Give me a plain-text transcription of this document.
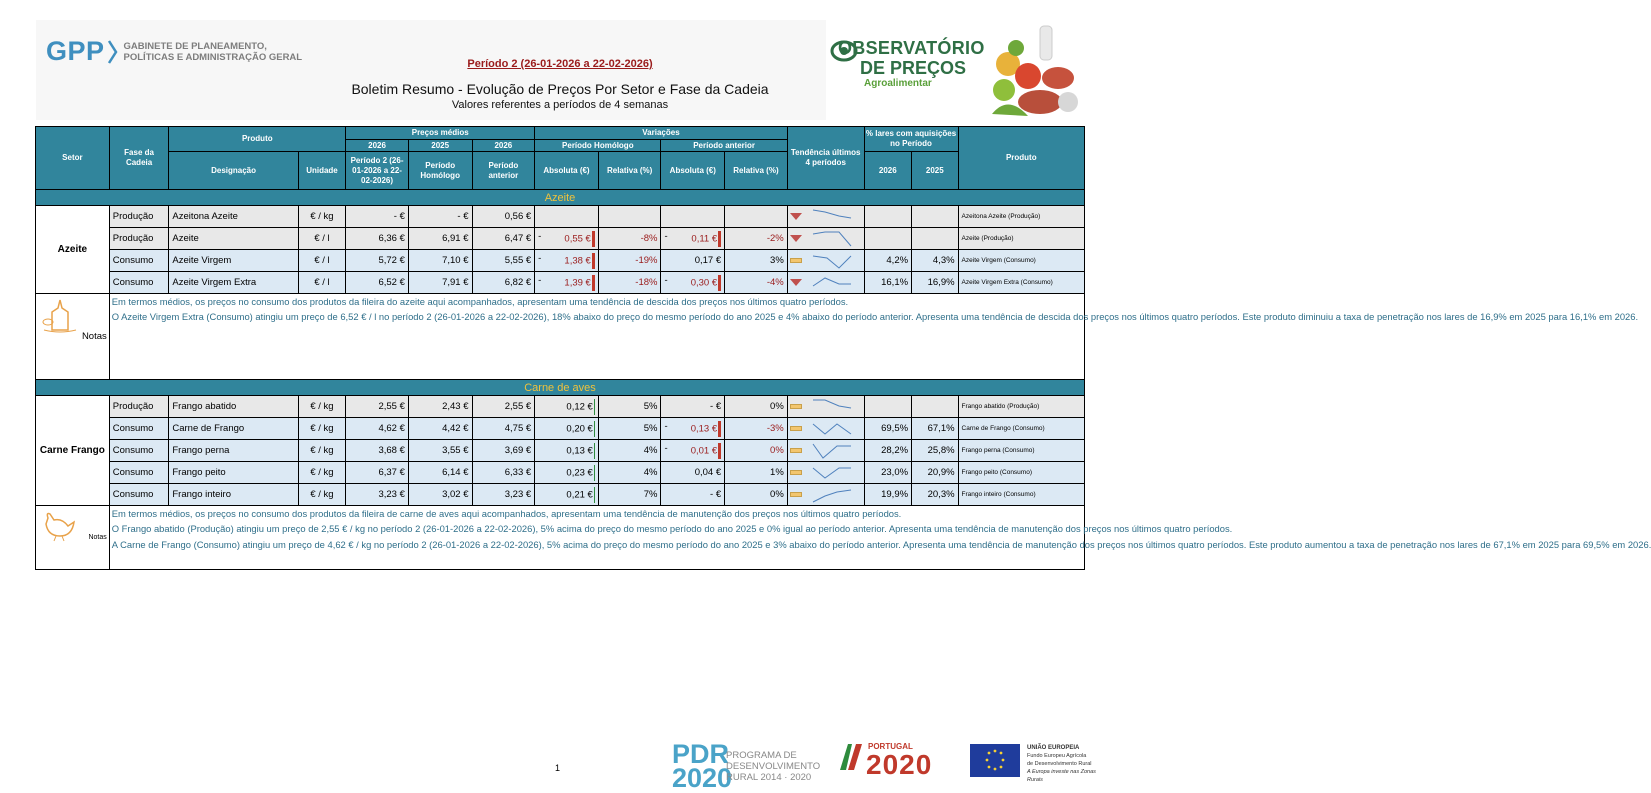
GPP GABINETE DE PLANEAMENTO,
POLÍTICAS E ADMINISTRAÇÃO GERAL
Período 2 (26-01-2026 a 22-02-2026)
Boletim Resumo - Evolução de Preços Por Setor e Fase da Cadeia
Valores referentes a períodos de 4 semanas
OBSERVATÓRIO
DE PREÇOS
Agroalimentar
Setor	Fase da Cadeia	Produto		Preços médios			Variações				Tendência últimos 4 períodos	% lares com aquisições no Período		Produto
				2026	2025	2026	Período Homólogo		Período anterior					
		Designação	Unidade	Período 2 (26-01-2026 a 22-02-2026)	Período Homólogo	Período anterior	Absoluta (€)	Relativa (%)	Absoluta (€)	Relativa (%)		2026	2025	
Azeite														
Azeite	Produção	Azeitona Azeite	€ / kg	- €	- €	0,56 €								Azeitona Azeite (Produção)
	Produção	Azeite	€ / l	6,36 €	6,91 €	6,47 €	- 0,55 €	-8%	- 0,11 €	-2%				Azeite (Produção)
	Consumo	Azeite Virgem	€ / l	5,72 €	7,10 €	5,55 €	- 1,38 €	-19%	0,17 €	3%		4,2%	4,3%	Azeite Virgem (Consumo)
	Consumo	Azeite Virgem Extra	€ / l	6,52 €	7,91 €	6,82 €	- 1,39 €	-18%	- 0,30 €	-4%		16,1%	16,9%	Azeite Virgem Extra (Consumo)

Notas	Em termos médios, os preços no consumo dos produtos da fileira do azeite aqui acompanhados, apresentam uma tendência de descida dos preços nos últimos quatro períodos.
O Azeite Virgem Extra (Consumo) atingiu um preço de 6,52 € / l no período 2 (26-01-2026 a 22-02-2026), 18% abaixo do preço do mesmo período do ano 2025 e 4% abaixo do período anterior. Apresenta uma tendência de descida dos preços nos últimos quatro períodos. Este produto diminuiu a taxa de penetração nos lares de 16,9% em 2025 para 16,1% em 2026.													

Carne de aves														
Carne Frango	Produção	Frango abatido	€ / kg	2,55 €	2,43 €	2,55 €	0,12 €	5%	- €	0%				Frango abatido (Produção)
	Consumo	Carne de Frango	€ / kg	4,62 €	4,42 €	4,75 €	0,20 €	5%	- 0,13 €	-3%		69,5%	67,1%	Carne de Frango (Consumo)
	Consumo	Frango perna	€ / kg	3,68 €	3,55 €	3,69 €	0,13 €	4%	- 0,01 €	0%		28,2%	25,8%	Frango perna (Consumo)
	Consumo	Frango peito	€ / kg	6,37 €	6,14 €	6,33 €	0,23 €	4%	0,04 €	1%		23,0%	20,9%	Frango peito (Consumo)
	Consumo	Frango inteiro	€ / kg	3,23 €	3,02 €	3,23 €	0,21 €	7%	- €	0%		19,9%	20,3%	Frango inteiro (Consumo)

Notas	Em termos médios, os preços no consumo dos produtos da fileira de carne de aves aqui acompanhados, apresentam uma tendência de manutenção dos preços nos últimos quatro períodos.
O Frango abatido (Produção) atingiu um preço de 2,55 € / kg no período 2 (26-01-2026 a 22-02-2026), 5% acima do preço do mesmo período do ano 2025 e 0% igual ao período anterior. Apresenta uma tendência de manutenção dos preços nos últimos quatro períodos.
A Carne de Frango (Consumo) atingiu um preço de 4,62 € / kg no período 2 (26-01-2026 a 22-02-2026), 5% acima do preço do mesmo período do ano 2025 e 3% abaixo do período anterior. Apresenta uma tendência de manutenção dos preços nos últimos quatro períodos. Este produto aumentou a taxa de penetração nos lares de 67,1% em 2025 para 69,5% em 2026.													
1	PDR 2020
PROGRAMA DE
DESENVOLVIMENTO
RURAL 2014 · 2020
PORTUGAL
2020
UNIÃO EUROPEIA
Fundo Europeu Agrícola
de Desenvolvimento Rural
A Europa investe nas Zonas Rurais
